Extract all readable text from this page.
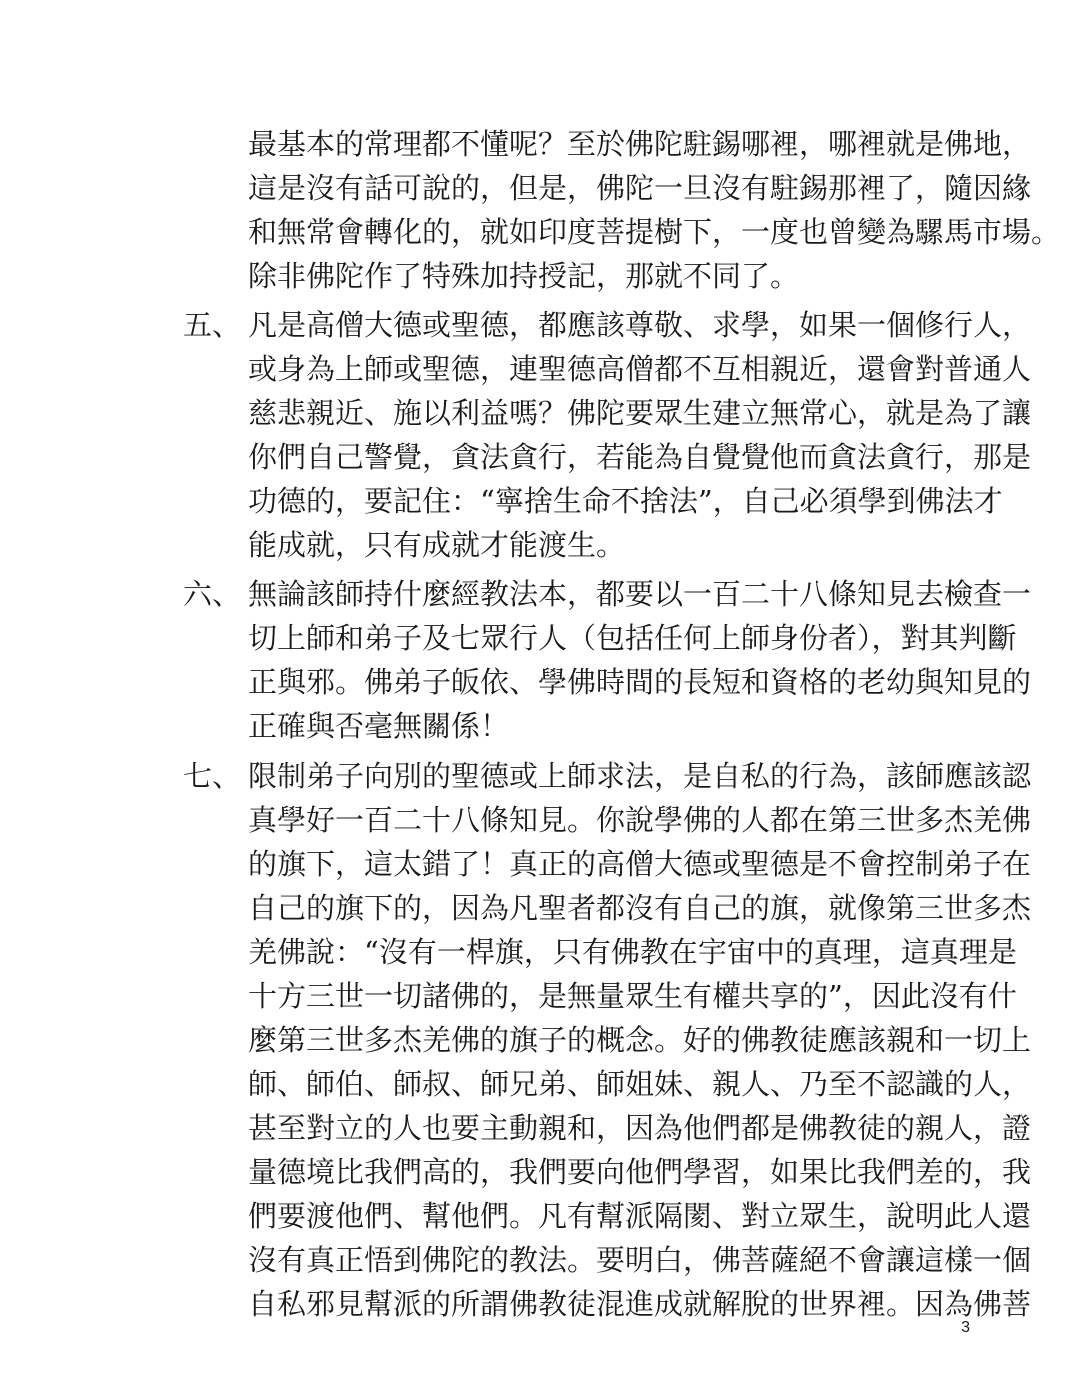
最基本的常理都不懂呢？至於佛陀駐錫哪裡，哪裡就是佛地，
這是沒有話可說的，但是，佛陀一旦沒有駐錫那裡了，隨因緣
和無常會轉化的，就如印度菩提樹下，一度也曾變為騾馬市場。
除非佛陀作了特殊加持授記，那就不同了。
五、 凡是高僧大德或聖德，都應該尊敬、求學，如果一個修行人，
或身為上師或聖德，連聖德高僧都不互相親近，還會對普通人
慈悲親近、施以利益嗎？佛陀要眾生建立無常心，就是為了讓
你們自己警覺，貪法貪行，若能為自覺覺他而貪法貪行，那是
功德的，要記住：“寧捨生命不捨法”，自己必須學到佛法才
能成就，只有成就才能渡生。
六、 無論該師持什麼經教法本，都要以一百二十八條知見去檢查一
切上師和弟子及七眾行人（包括任何上師身份者），對其判斷
正與邪。佛弟子皈依、學佛時間的長短和資格的老幼與知見的
正確與否毫無關係！
七、 限制弟子向別的聖德或上師求法，是自私的行為，該師應該認
真學好一百二十八條知見。你說學佛的人都在第三世多杰羌佛
的旗下，這太錯了！真正的高僧大德或聖德是不會控制弟子在
自己的旗下的，因為凡聖者都沒有自己的旗，就像第三世多杰
羌佛說：“沒有一桿旗，只有佛教在宇宙中的真理，這真理是
十方三世一切諸佛的，是無量眾生有權共享的”，因此沒有什
麼第三世多杰羌佛的旗子的概念。好的佛教徒應該親和一切上
師、師伯、師叔、師兄弟、師姐妹、親人、乃至不認識的人，
甚至對立的人也要主動親和，因為他們都是佛教徒的親人，證
量德境比我們高的，我們要向他們學習，如果比我們差的，我
們要渡他們、幫他們。凡有幫派隔閡、對立眾生，說明此人還
沒有真正悟到佛陀的教法。要明白，佛菩薩絕不會讓這樣一個
自私邪見幫派的所謂佛教徒混進成就解脫的世界裡。因為佛菩
3
